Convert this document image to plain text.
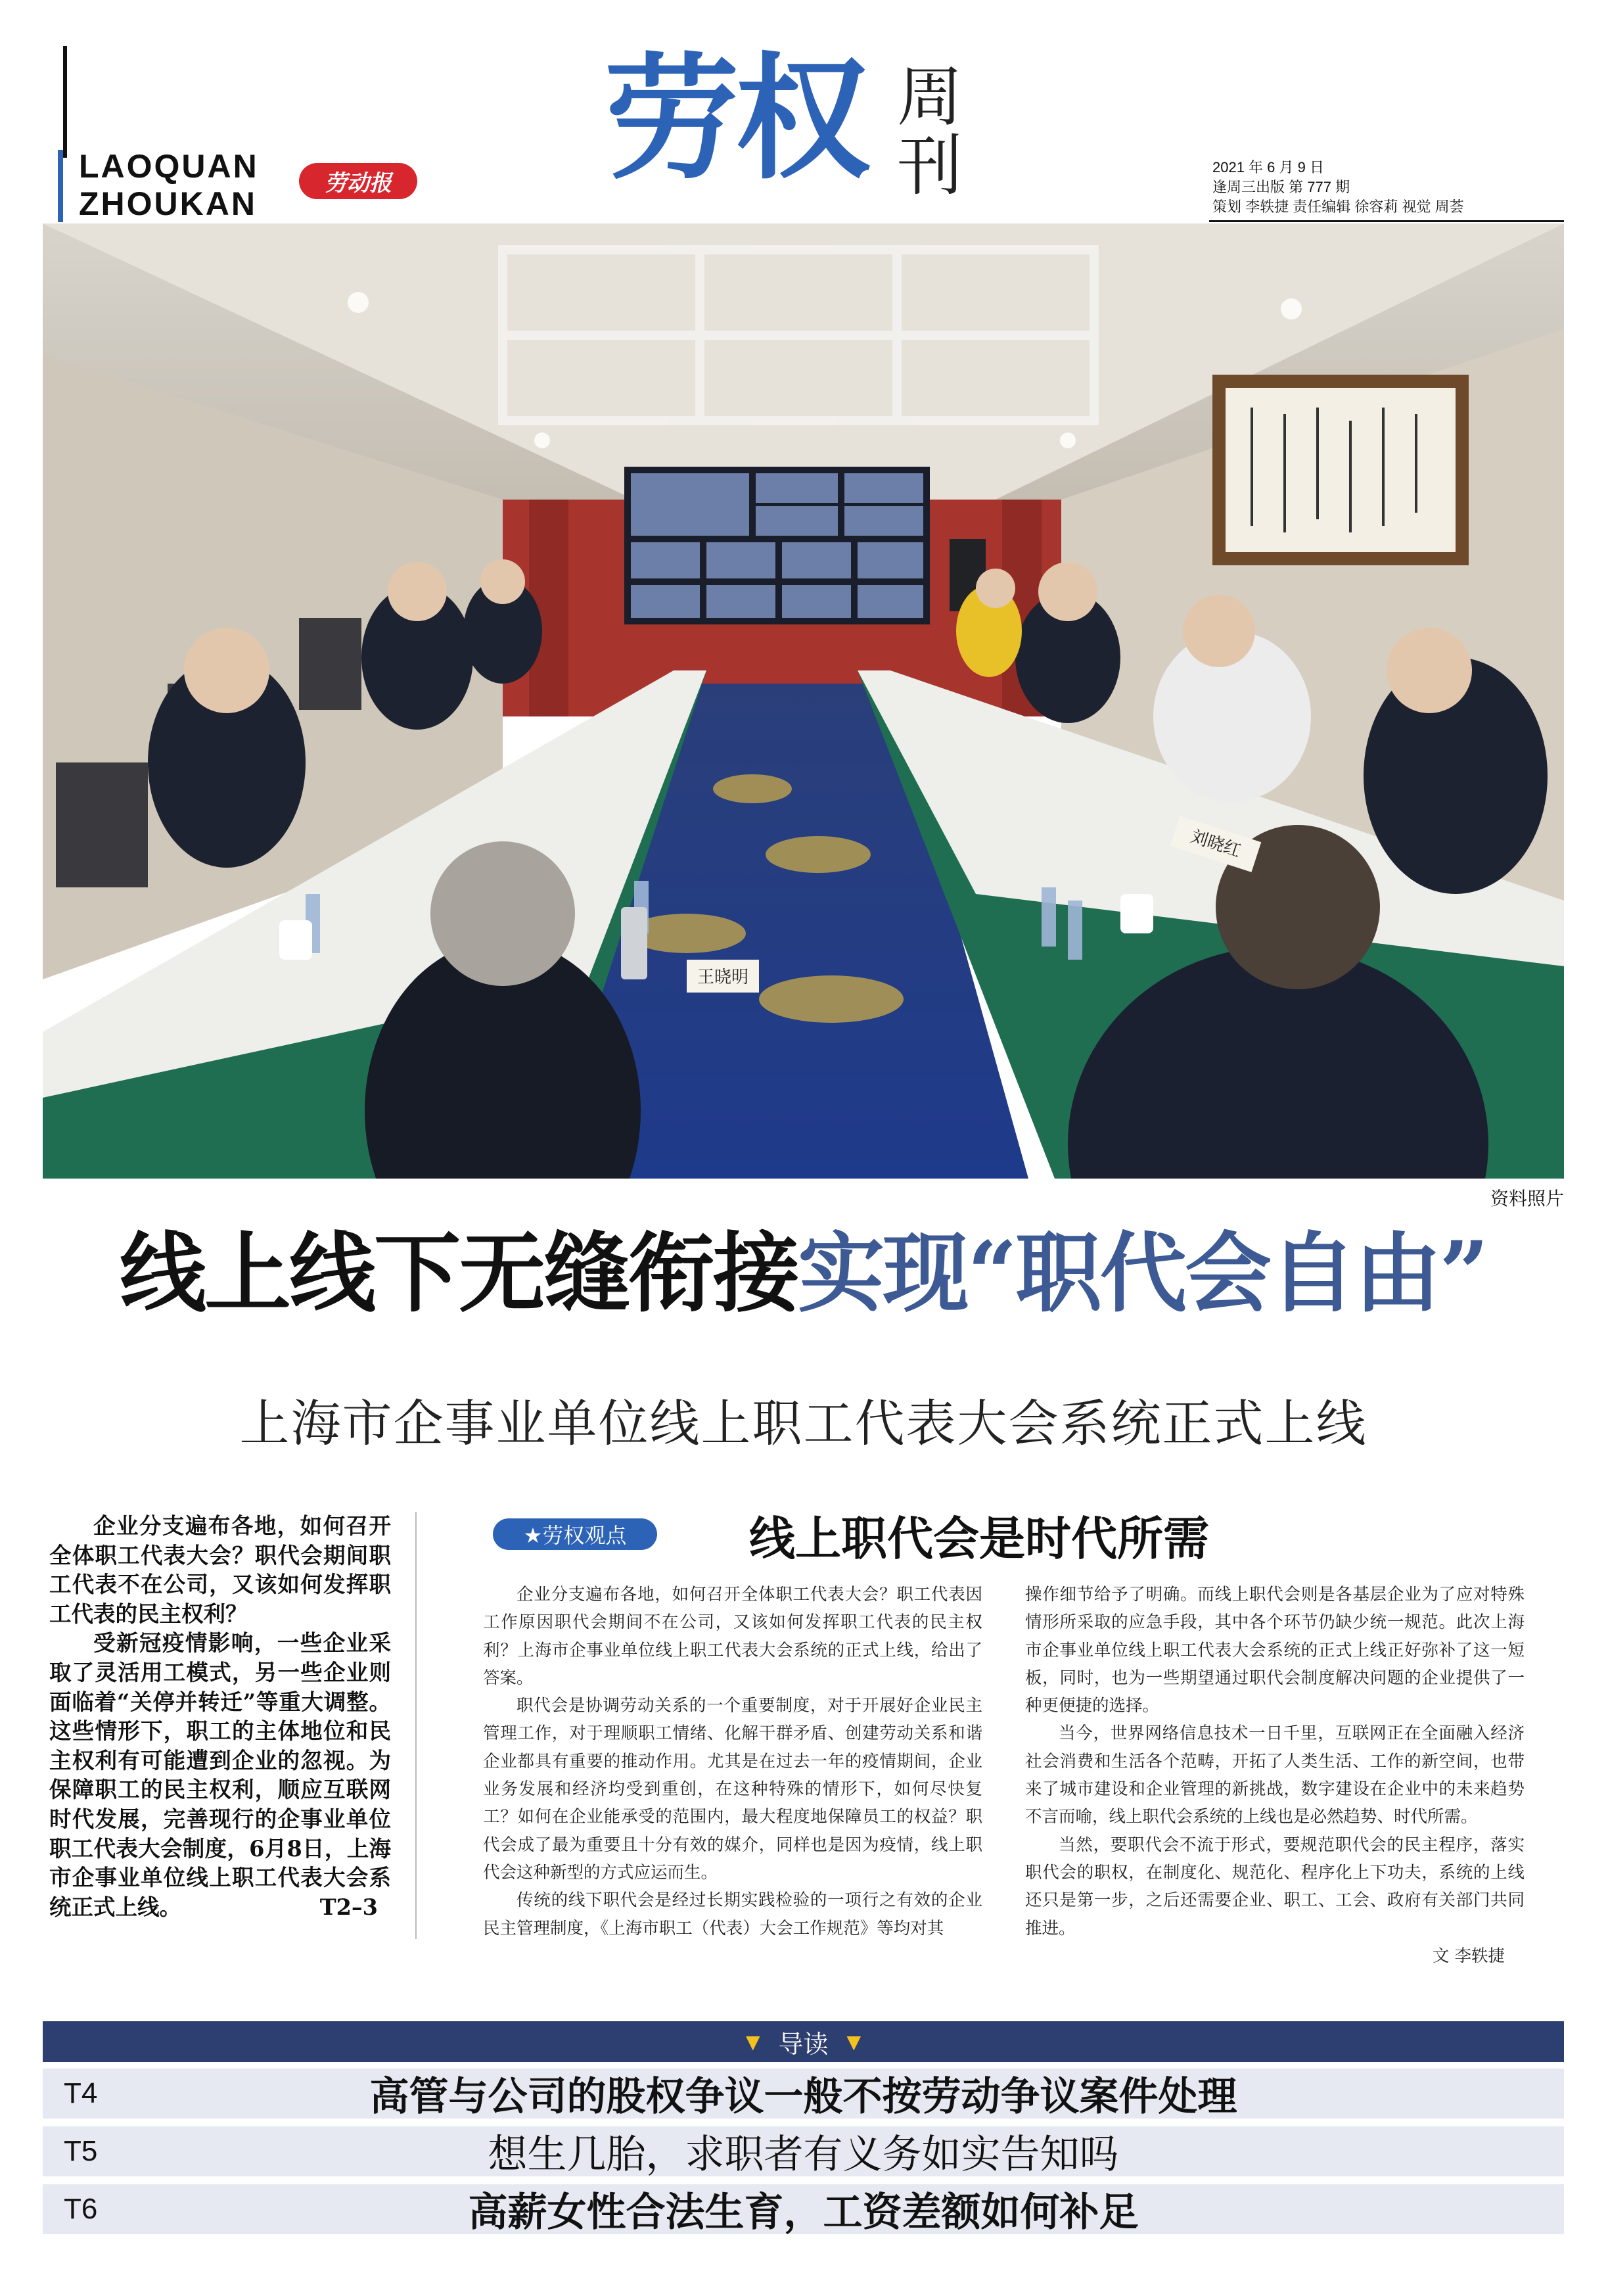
LAOQUAN
ZHOUKAN
劳动报 劳权 周
刊	2021 年 6 月 9 日
逢周三出版 第 777 期
策划 李轶捷 责任编辑 徐容莉 视觉 周荟
王晓明
刘晓红
资料照片
线上线下无缝衔接实现“职代会自由”
上海市企事业单位线上职工代表大会系统正式上线

企业分支遍布各地，如何召开全体职工代表大会？职代会期间职工代表不在公司，又该如何发挥职工代表的民主权利？

受新冠疫情影响，一些企业采取了灵活用工模式，另一些企业则面临着“关停并转迁”等重大调整。这些情形下，职工的主体地位和民主权利有可能遭到企业的忽视。为保障职工的民主权利，顺应互联网时代发展，完善现行的企事业单位职工代表大会制度，6月8日，上海市企事业单位线上职工代表大会系统正式上线。	T2–3

★劳权观点	线上职代会是时代所需

企业分支遍布各地，如何召开全体职工代表大会？职工代表因工作原因职代会期间不在公司，又该如何发挥职工代表的民主权利？上海市企事业单位线上职工代表大会系统的正式上线，给出了答案。

职代会是协调劳动关系的一个重要制度，对于开展好企业民主管理工作，对于理顺职工情绪、化解干群矛盾、创建劳动关系和谐企业都具有重要的推动作用。尤其是在过去一年的疫情期间，企业业务发展和经济均受到重创，在这种特殊的情形下，如何尽快复工？如何在企业能承受的范围内，最大程度地保障员工的权益？职代会成了最为重要且十分有效的媒介，同样也是因为疫情，线上职代会这种新型的方式应运而生。

传统的线下职代会是经过长期实践检验的一项行之有效的企业民主管理制度，《上海市职工（代表）大会工作规范》等均对其

操作细节给予了明确。而线上职代会则是各基层企业为了应对特殊情形所采取的应急手段，其中各个环节仍缺少统一规范。此次上海市企事业单位线上职工代表大会系统的正式上线正好弥补了这一短板，同时，也为一些期望通过职代会制度解决问题的企业提供了一种更便捷的选择。

当今，世界网络信息技术一日千里，互联网正在全面融入经济社会消费和生活各个范畴，开拓了人类生活、工作的新空间，也带来了城市建设和企业管理的新挑战，数字建设在企业中的未来趋势不言而喻，线上职代会系统的上线也是必然趋势、时代所需。

当然，要职代会不流于形式，要规范职代会的民主程序，落实职代会的职权，在制度化、规范化、程序化上下功夫，系统的上线还只是第一步，之后还需要企业、职工、工会、政府有关部门共同推进。

文 李轶捷
▼ 导读 ▼
T4	高管与公司的股权争议一般不按劳动争议案件处理
T5	想生几胎，求职者有义务如实告知吗
T6	高薪女性合法生育，工资差额如何补足
